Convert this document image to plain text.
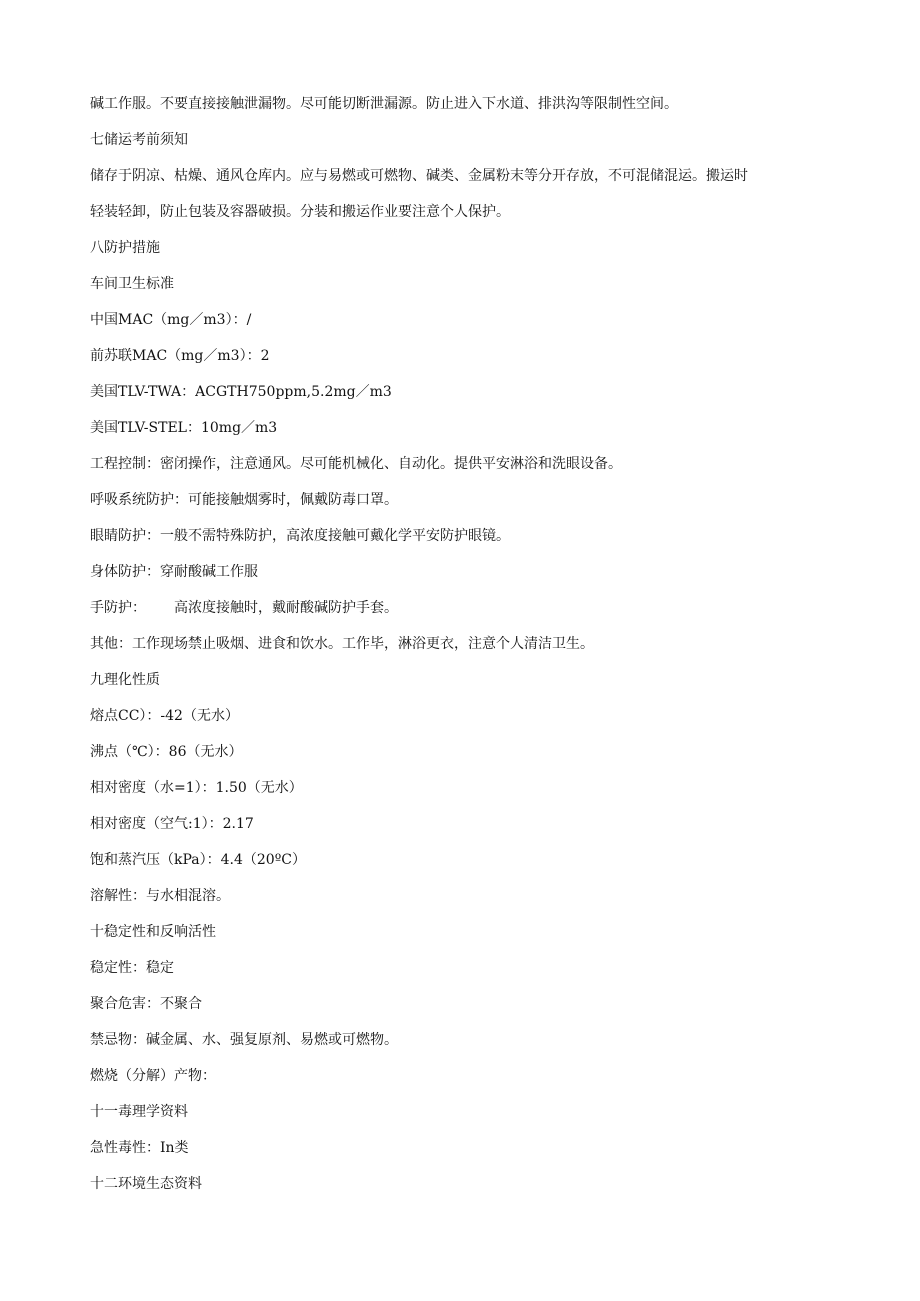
碱工作服。不要直接接触泄漏物。尽可能切断泄漏源。防止进入下水道、排洪沟等限制性空间。
七储运考前须知
储存于阴凉、枯燥、通风仓库内。应与易燃或可燃物、碱类、金属粉末等分开存放，不可混储混运。搬运时
轻装轻卸，防止包装及容器破损。分装和搬运作业要注意个人保护。
八防护措施
车间卫生标准
中国MAC（mg／m3）：/
前苏联MAC（mg／m3）：2
美国TLV-TWA：ACGTH750ppm,5.2mg／m3
美国TLV-STEL：10mg／m3
工程控制：密闭操作，注意通风。尽可能机械化、自动化。提供平安淋浴和洗眼设备。
呼吸系统防护：可能接触烟雾时，佩戴防毒口罩。
眼睛防护：一般不需特殊防护，高浓度接触可戴化学平安防护眼镜。
身体防护：穿耐酸碱工作服
手防护： 高浓度接触时，戴耐酸碱防护手套。
其他：工作现场禁止吸烟、进食和饮水。工作毕，淋浴更衣，注意个人清洁卫生。
九理化性质
熔点CC）：-42（无水）
沸点（℃）：86（无水）
相对密度（水=1）：1.50（无水）
相对密度（空气:1）：2.17
饱和蒸汽压（kPa）：4.4（20ºC）
溶解性：与水相混溶。
十稳定性和反响活性
稳定性：稳定
聚合危害：不聚合
禁忌物：碱金属、水、强复原剂、易燃或可燃物。
燃烧（分解）产物：
十一毒理学资料
急性毒性：In类
十二环境生态资料
